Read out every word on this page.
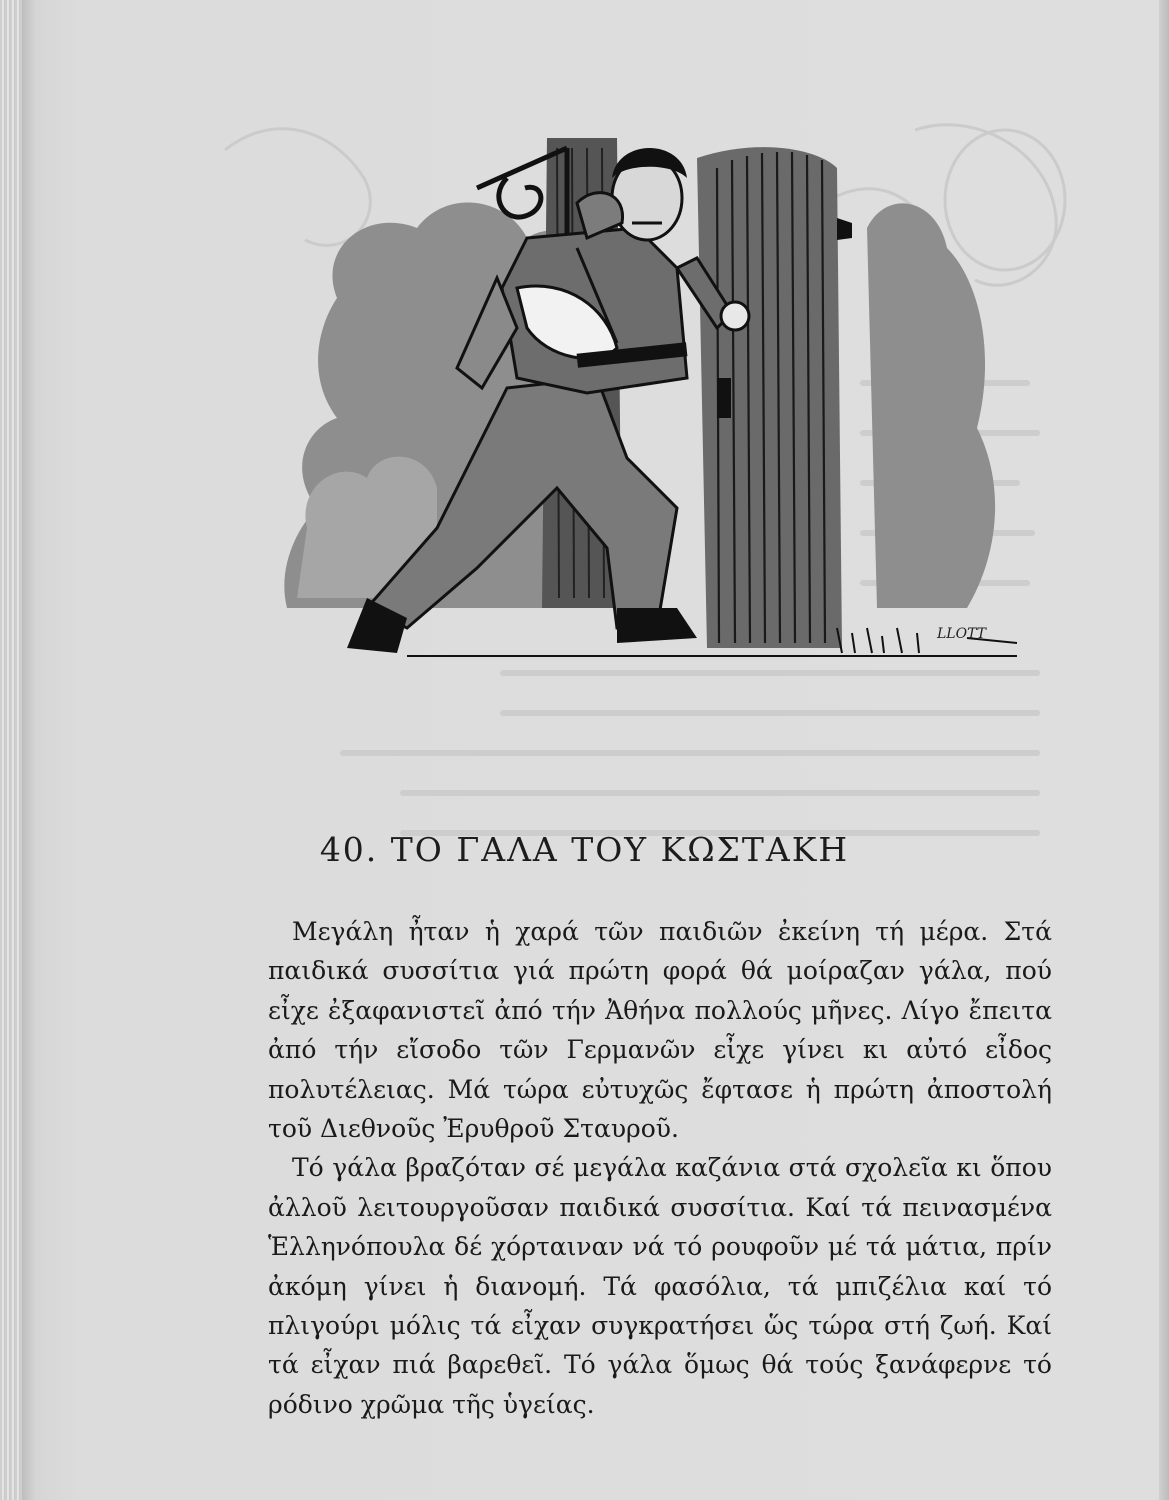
LLOTT
40. ΤΟ ΓΑΛΑ ΤΟΥ ΚΩΣΤΑΚΗ

Μεγάλη ἦταν ἡ χαρά τῶν παιδιῶν ἐκείνη τή μέρα. Στά παιδικά συσσίτια γιά πρώτη φορά θά μοίραζαν γάλα, πού εἶχε ἐξαφανιστεῖ ἀπό τήν Ἀθήνα πολλούς μῆνες. Λίγο ἔπειτα ἀπό τήν εἴσοδο τῶν Γερμανῶν εἶχε γίνει κι αὐτό εἶδος πολυτέλειας. Μά τώρα εὐτυχῶς ἔφτασε ἡ πρώτη ἀποστολή τοῦ Διεθνοῦς Ἐρυθροῦ Σταυροῦ.

Τό γάλα βραζόταν σέ μεγάλα καζάνια στά σχολεῖα κι ὅπου ἀλλοῦ λειτουργοῦσαν παιδικά συσσίτια. Καί τά πεινασμένα Ἑλληνόπουλα δέ χόρταιναν νά τό ρουφοῦν μέ τά μάτια, πρίν ἀκόμη γίνει ἡ διανομή. Τά φασόλια, τά μπιζέλια καί τό πλιγούρι μόλις τά εἶχαν συγκρατήσει ὥς τώρα στή ζωή. Καί τά εἶχαν πιά βαρεθεῖ. Τό γάλα ὅμως θά τούς ξανάφερνε τό ρόδινο χρῶμα τῆς ὑγείας.
